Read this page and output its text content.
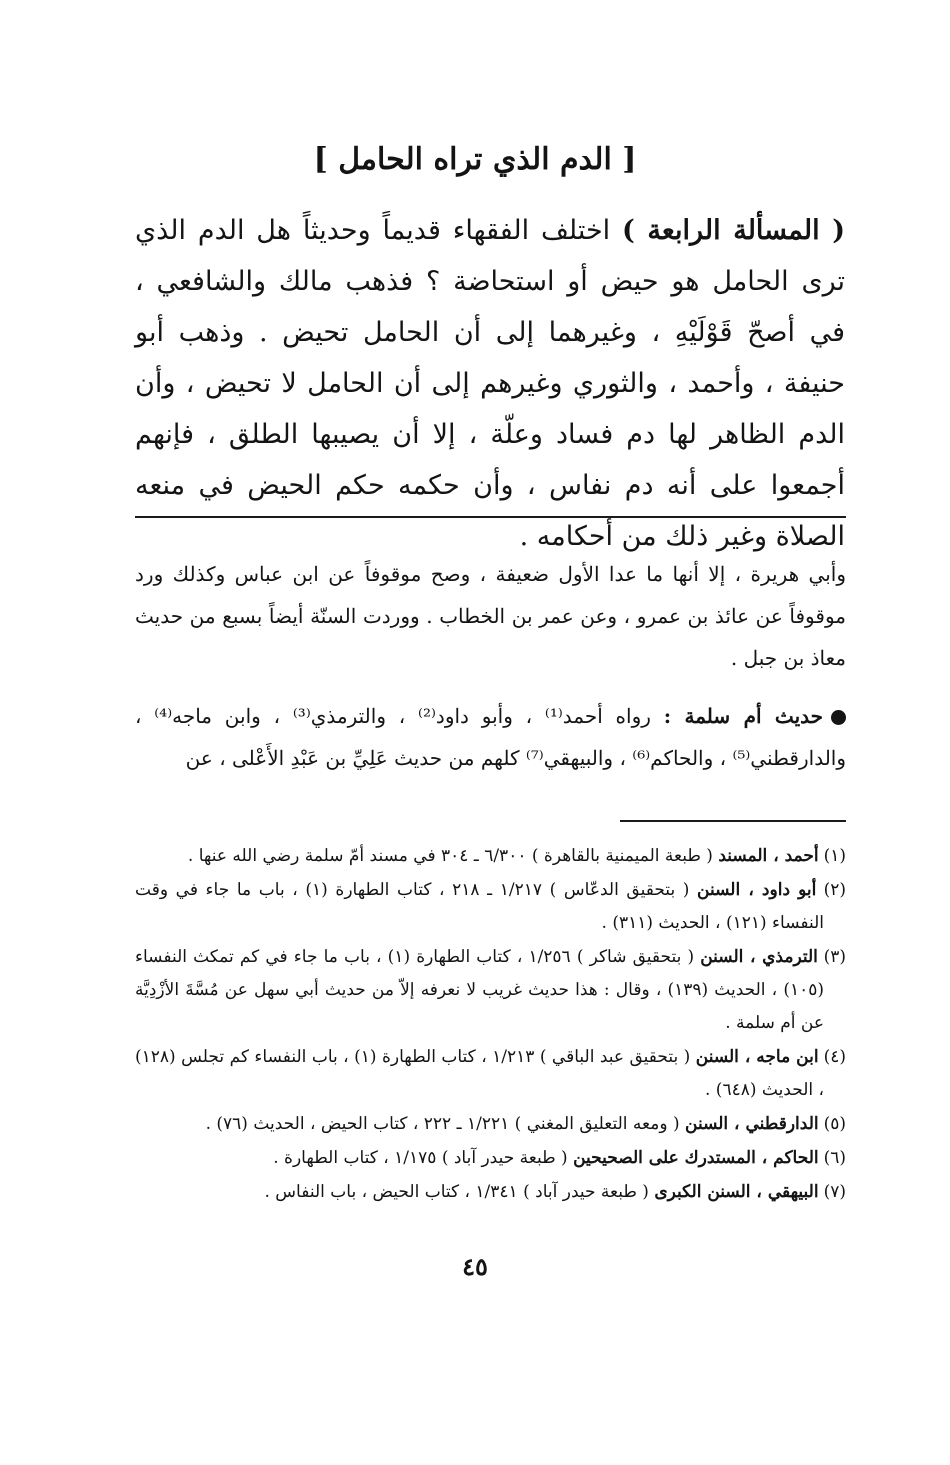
[ الدم الذي تراه الحامل ]
( المسألة الرابعة ) اختلف الفقهاء قديماً وحديثاً هل الدم الذي ترى الحامل هو حيض أو استحاضة ؟ فذهب مالك والشافعي ، في أصحّ قَوْلَيْهِ ، وغيرهما إلى أن الحامل تحيض . وذهب أبو حنيفة ، وأحمد ، والثوري وغيرهم إلى أن الحامل لا تحيض ، وأن الدم الظاهر لها دم فساد وعلّة ، إلا أن يصيبها الطلق ، فإنهم أجمعوا على أنه دم نفاس ، وأن حكمه حكم الحيض في منعه الصلاة وغير ذلك من أحكامه .
وأبي هريرة ، إلا أنها ما عدا الأول ضعيفة ، وصح موقوفاً عن ابن عباس وكذلك ورد موقوفاً عن عائذ بن عمرو ، وعن عمر بن الخطاب . ووردت السنّة أيضاً بسبع من حديث معاذ بن جبل .
حديث أم سلمة : رواه أحمد⁽¹⁾ ، وأبو داود⁽²⁾ ، والترمذي⁽³⁾ ، وابن ماجه⁽⁴⁾ ، والدارقطني⁽⁵⁾ ، والحاكم⁽⁶⁾ ، والبيهقي⁽⁷⁾ كلهم من حديث عَلِيِّ بن عَبْدِ الأَعْلى ، عن
(١) أحمد ، المسند ( طبعة الميمنية بالقاهرة ) ٦/٣٠٠ ـ ٣٠٤ في مسند أمّ سلمة رضي الله عنها .
(٢) أبو داود ، السنن ( بتحقيق الدعّاس ) ١/٢١٧ ـ ٢١٨ ، كتاب الطهارة (١) ، باب ما جاء في وقت النفساء (١٢١) ، الحديث (٣١١) .
(٣) الترمذي ، السنن ( بتحقيق شاكر ) ١/٢٥٦ ، كتاب الطهارة (١) ، باب ما جاء في كم تمكث النفساء (١٠٥) ، الحديث (١٣٩) ، وقال : هذا حديث غريب لا نعرفه إلاّ من حديث أبي سهل عن مُسَّةَ الأزْدِيَّة عن أم سلمة .
(٤) ابن ماجه ، السنن ( بتحقيق عبد الباقي ) ١/٢١٣ ، كتاب الطهارة (١) ، باب النفساء كم تجلس (١٢٨) ، الحديث (٦٤٨) .
(٥) الدارقطني ، السنن ( ومعه التعليق المغني ) ١/٢٢١ ـ ٢٢٢ ، كتاب الحيض ، الحديث (٧٦) .
(٦) الحاكم ، المستدرك على الصحيحين ( طبعة حيدر آباد ) ١/١٧٥ ، كتاب الطهارة .
(٧) البيهقي ، السنن الكبرى ( طبعة حيدر آباد ) ١/٣٤١ ، كتاب الحيض ، باب النفاس .
٤٥
